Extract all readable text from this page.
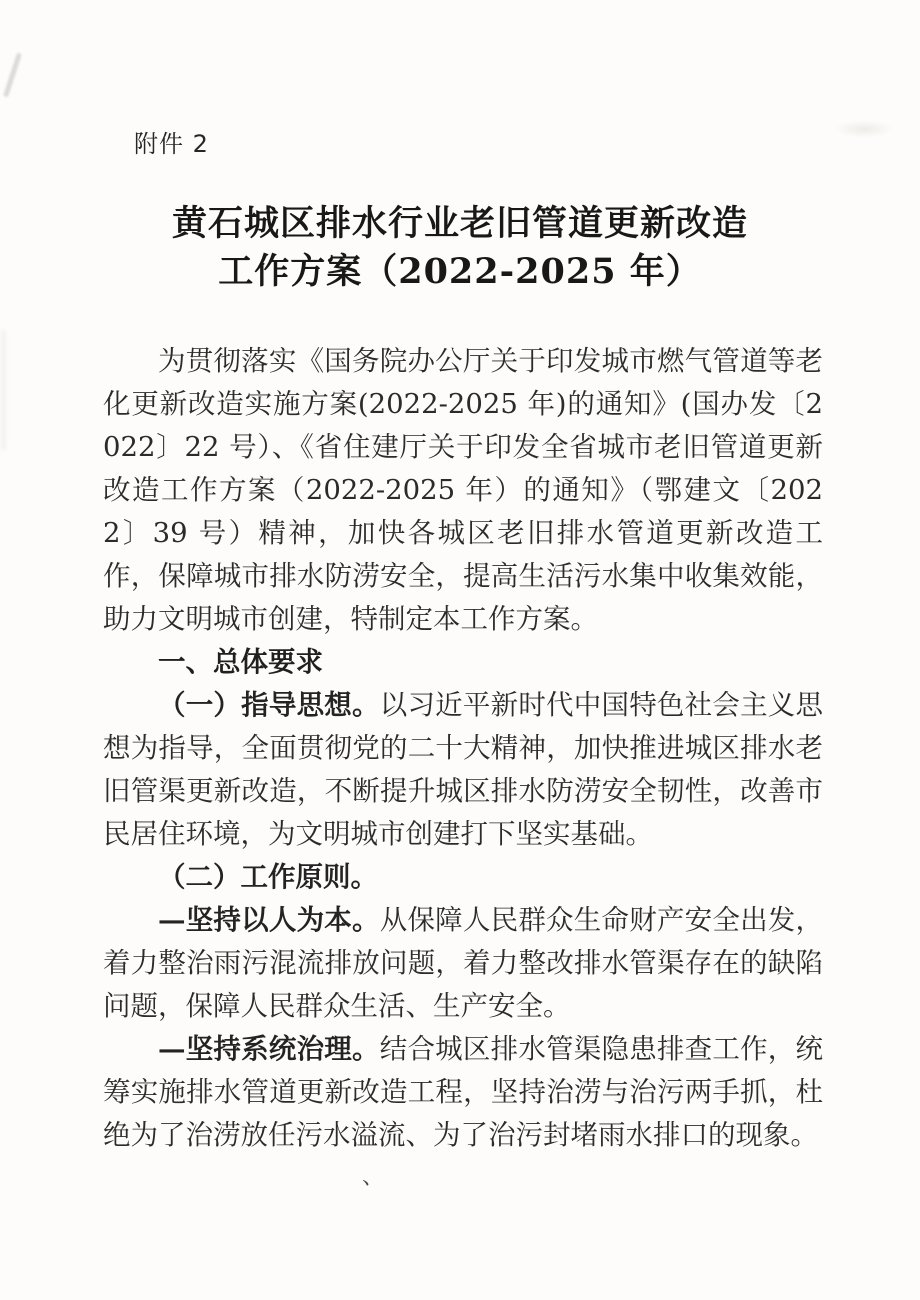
附件 2
黄石城区排水行业老旧管道更新改造
工作方案（2022-2025 年）

为贯彻落实《国务院办公厅关于印发城市燃气管道等老化更新改造实施方案(2022-2025 年)的通知》(国办发〔2022〕22 号）、《省住建厅关于印发全省城市老旧管道更新改造工作方案（2022-2025 年）的通知》（鄂建文〔2022〕39 号）精神，加快各城区老旧排水管道更新改造工作，保障城市排水防涝安全，提高生活污水集中收集效能，助力文明城市创建，特制定本工作方案。

一、总体要求

（一）指导思想。以习近平新时代中国特色社会主义思想为指导，全面贯彻党的二十大精神，加快推进城区排水老旧管渠更新改造，不断提升城区排水防涝安全韧性，改善市民居住环境，为文明城市创建打下坚实基础。

（二）工作原则。

—坚持以人为本。从保障人民群众生命财产安全出发，着力整治雨污混流排放问题，着力整改排水管渠存在的缺陷问题，保障人民群众生活、生产安全。

—坚持系统治理。结合城区排水管渠隐患排查工作，统筹实施排水管道更新改造工程，坚持治涝与治污两手抓，杜绝为了治涝放任污水溢流、为了治污封堵雨水排口的现象。

、
